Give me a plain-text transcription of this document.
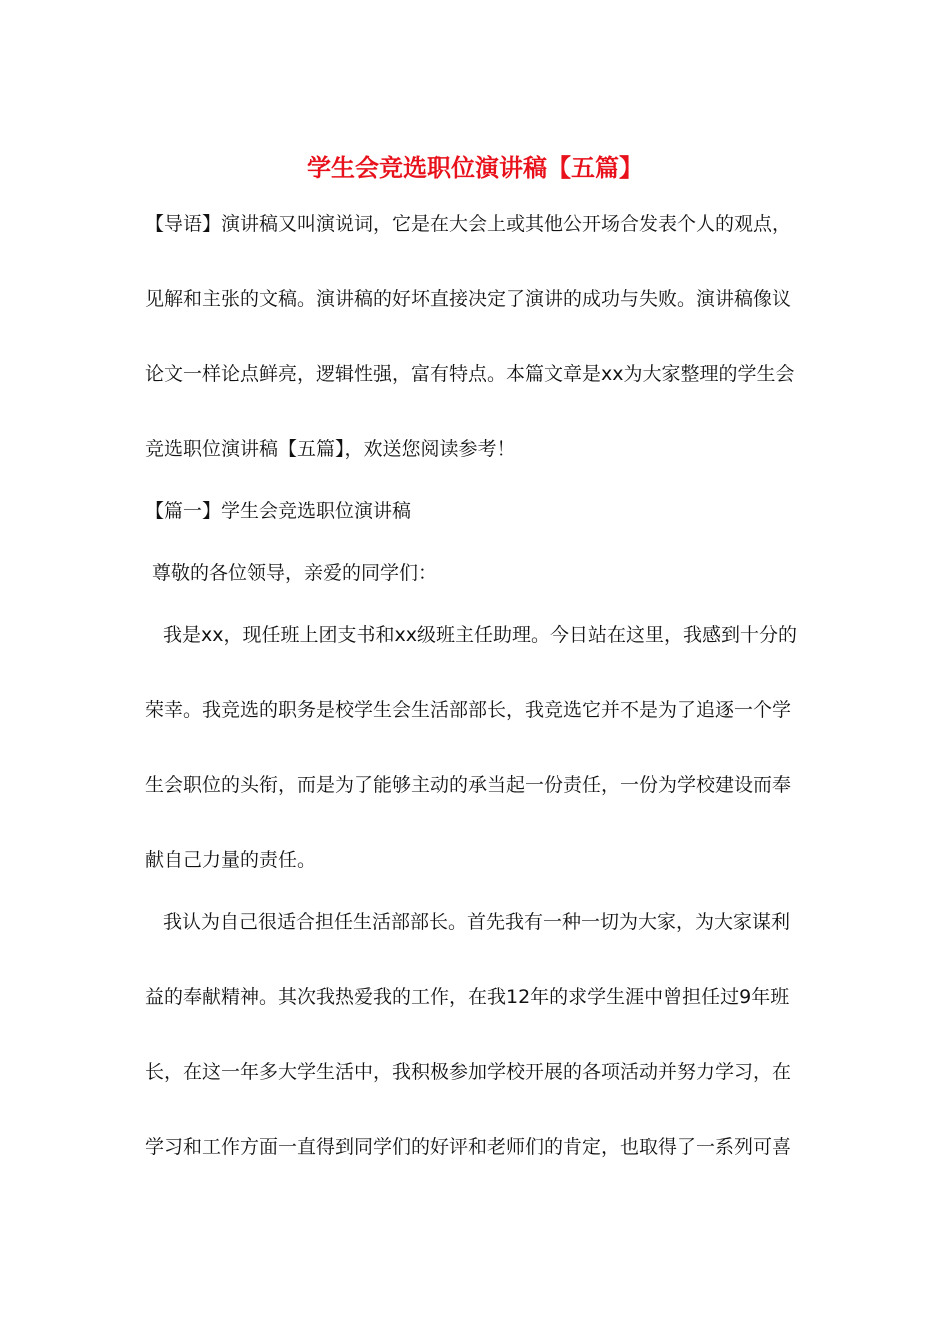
学生会竞选职位演讲稿【五篇】
【导语】演讲稿又叫演说词，它是在大会上或其他公开场合发表个人的观点，
见解和主张的文稿。演讲稿的好坏直接决定了演讲的成功与失败。演讲稿像议
论文一样论点鲜亮，逻辑性强，富有特点。本篇文章是xx为大家整理的学生会
竞选职位演讲稿【五篇】，欢送您阅读参考！
【篇一】学生会竞选职位演讲稿
尊敬的各位领导，亲爱的同学们：
我是xx，现任班上团支书和xx级班主任助理。今日站在这里，我感到十分的
荣幸。我竞选的职务是校学生会生活部部长，我竞选它并不是为了追逐一个学
生会职位的头衔，而是为了能够主动的承当起一份责任，一份为学校建设而奉
献自己力量的责任。
我认为自己很适合担任生活部部长。首先我有一种一切为大家，为大家谋利
益的奉献精神。其次我热爱我的工作，在我12年的求学生涯中曾担任过9年班
长，在这一年多大学生活中，我积极参加学校开展的各项活动并努力学习，在
学习和工作方面一直得到同学们的好评和老师们的肯定，也取得了一系列可喜
